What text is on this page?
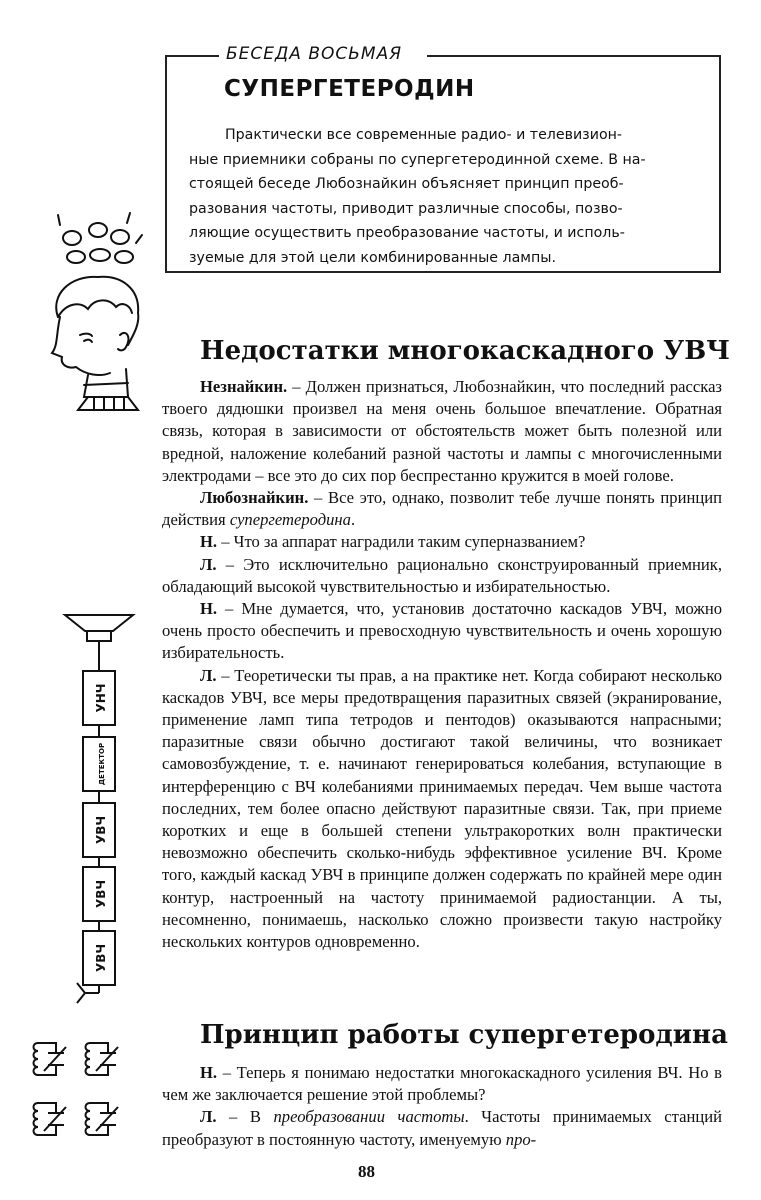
БЕСЕДА ВОСЬМАЯ
СУПЕРГЕТЕРОДИН

Практически все современные радио- и телевизион-
ные приемники собраны по супергетеродинной схеме. В на-
стоящей беседе Любознайкин объясняет принцип преоб-
разования частоты, приводит различные способы, позво-
ляющие осуществить преобразование частоты, и исполь-
зуемые для этой цели комбинированные лампы.

Недостатки многокаскадного УВЧ

Незнайкин. – Должен признаться, Любознайкин, что последний рассказ твоего дядюшки произвел на меня очень большое впечатление. Обратная связь, которая в зависимости от обстоятельств может быть полезной или вредной, наложение колебаний разной частоты и лампы с многочисленными электродами – все это до сих пор беспрестанно кружится в моей голове.

Любознайкин. – Все это, однако, позволит тебе лучше понять принцип действия супергетеродина.

Н. – Что за аппарат наградили таким суперназванием?

Л. – Это исключительно рационально сконструированный приемник, обладающий высокой чувствительностью и избирательностью.

Н. – Мне думается, что, установив достаточно каскадов УВЧ, можно очень просто обеспечить и превосходную чувствительность и очень хорошую избирательность.

Л. – Теоретически ты прав, а на практике нет. Когда собирают несколько каскадов УВЧ, все меры предотвращения паразитных связей (экранирование, применение ламп типа тетродов и пентодов) оказываются напрасными; паразитные связи обычно достигают такой величины, что возникает самовозбуждение, т. е. начинают генерироваться колебания, вступающие в интерференцию с ВЧ колебаниями принимаемых передач. Чем выше частота последних, тем более опасно действуют паразитные связи. Так, при приеме коротких и еще в большей степени ультракоротких волн практически невозможно обеспечить сколько-нибудь эффективное усиление ВЧ. Кроме того, каждый каскад УВЧ в принципе должен содержать по крайней мере один контур, настроенный на частоту принимаемой радиостанции. А ты, несомненно, понимаешь, насколько сложно произвести такую настройку нескольких контуров одновременно.

УНЧ
ДЕТЕКТОР
УВЧ
УВЧ
УВЧ
Принцип работы супергетеродина

Н. – Теперь я понимаю недостатки многокаскадного усиления ВЧ. Но в чем же заключается решение этой проблемы?

Л. – В преобразовании частоты. Частоты принимаемых станций преобразуют в постоянную частоту, именуемую про-

88
